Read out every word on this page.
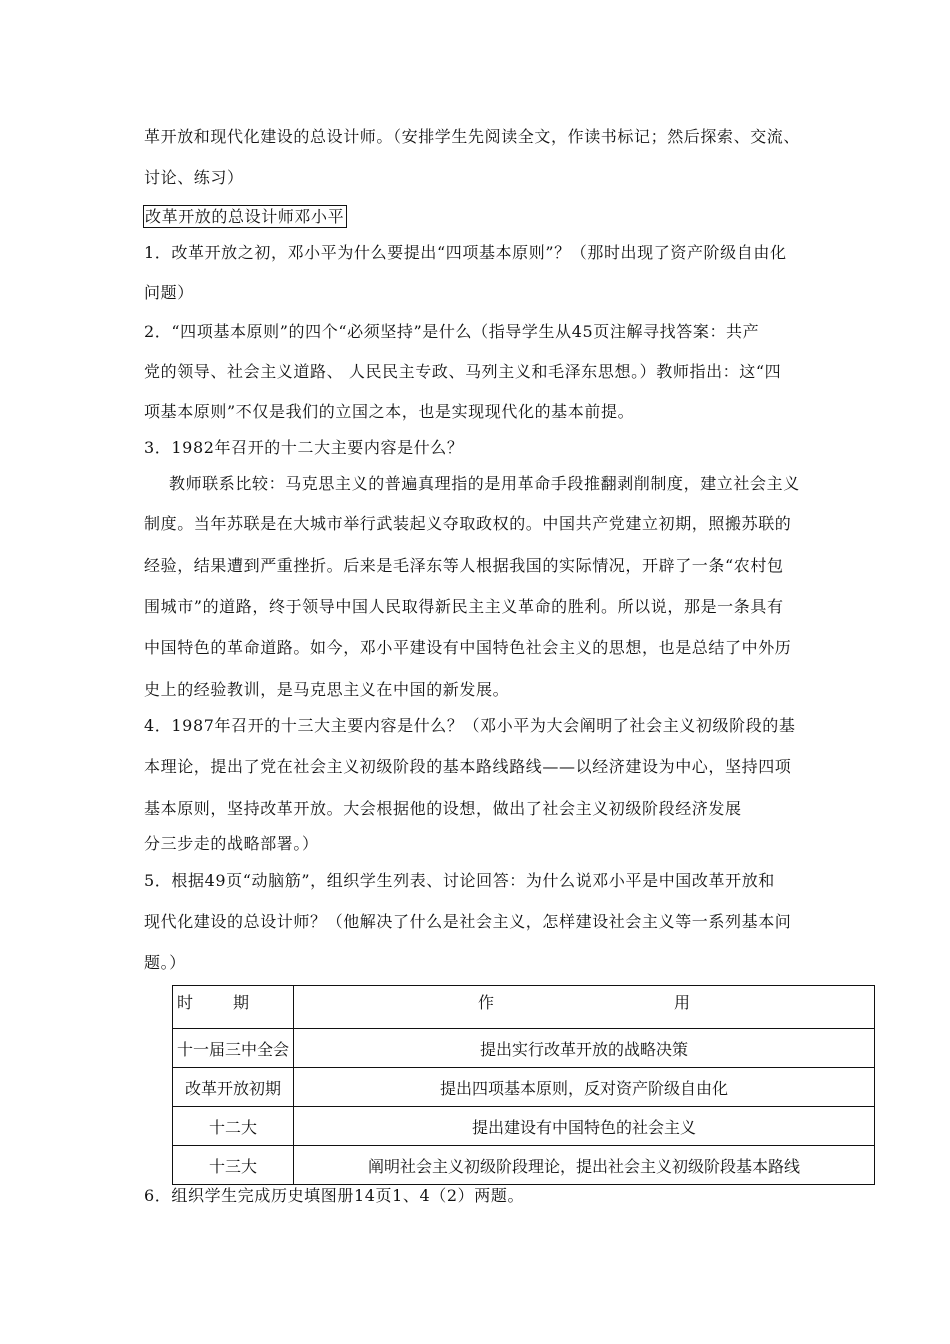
革开放和现代化建设的总设计师。（安排学生先阅读全文，作读书标记；然后探索、交流、
讨论、练习）
改革开放的总设计师邓小平
1．改革开放之初，邓小平为什么要提出“四项基本原则”？（那时出现了资产阶级自由化
问题）
2．“四项基本原则”的四个“必须坚持”是什么（指导学生从45页注解寻找答案：共产
党的领导、社会主义道路、 人民民主专政、马列主义和毛泽东思想。）教师指出：这“四
项基本原则”不仅是我们的立国之本，也是实现现代化的基本前提。
3．1982年召开的十二大主要内容是什么？
教师联系比较：马克思主义的普遍真理指的是用革命手段推翻剥削制度，建立社会主义
制度。当年苏联是在大城市举行武装起义夺取政权的。中国共产党建立初期，照搬苏联的
经验，结果遭到严重挫折。后来是毛泽东等人根据我国的实际情况，开辟了一条“农村包
围城市”的道路，终于领导中国人民取得新民主主义革命的胜利。所以说，那是一条具有
中国特色的革命道路。如今，邓小平建设有中国特色社会主义的思想，也是总结了中外历
史上的经验教训，是马克思主义在中国的新发展。
4．1987年召开的十三大主要内容是什么？（邓小平为大会阐明了社会主义初级阶段的基
本理论，提出了党在社会主义初级阶段的基本路线路线——以经济建设为中心，坚持四项
基本原则，坚持改革开放。大会根据他的设想，做出了社会主义初级阶段经济发展
分三步走的战略部署。）
5．根据49页“动脑筋”，组织学生列表、讨论回答：为什么说邓小平是中国改革开放和
现代化建设的总设计师？（他解决了什么是社会主义，怎样建设社会主义等一系列基本问
题。）
时期	作用
十一届三中全会	提出实行改革开放的战略决策
改革开放初期	提出四项基本原则，反对资产阶级自由化
十二大	提出建设有中国特色的社会主义
十三大	阐明社会主义初级阶段理论，提出社会主义初级阶段基本路线
6．组织学生完成历史填图册14页1、4（2）两题。
